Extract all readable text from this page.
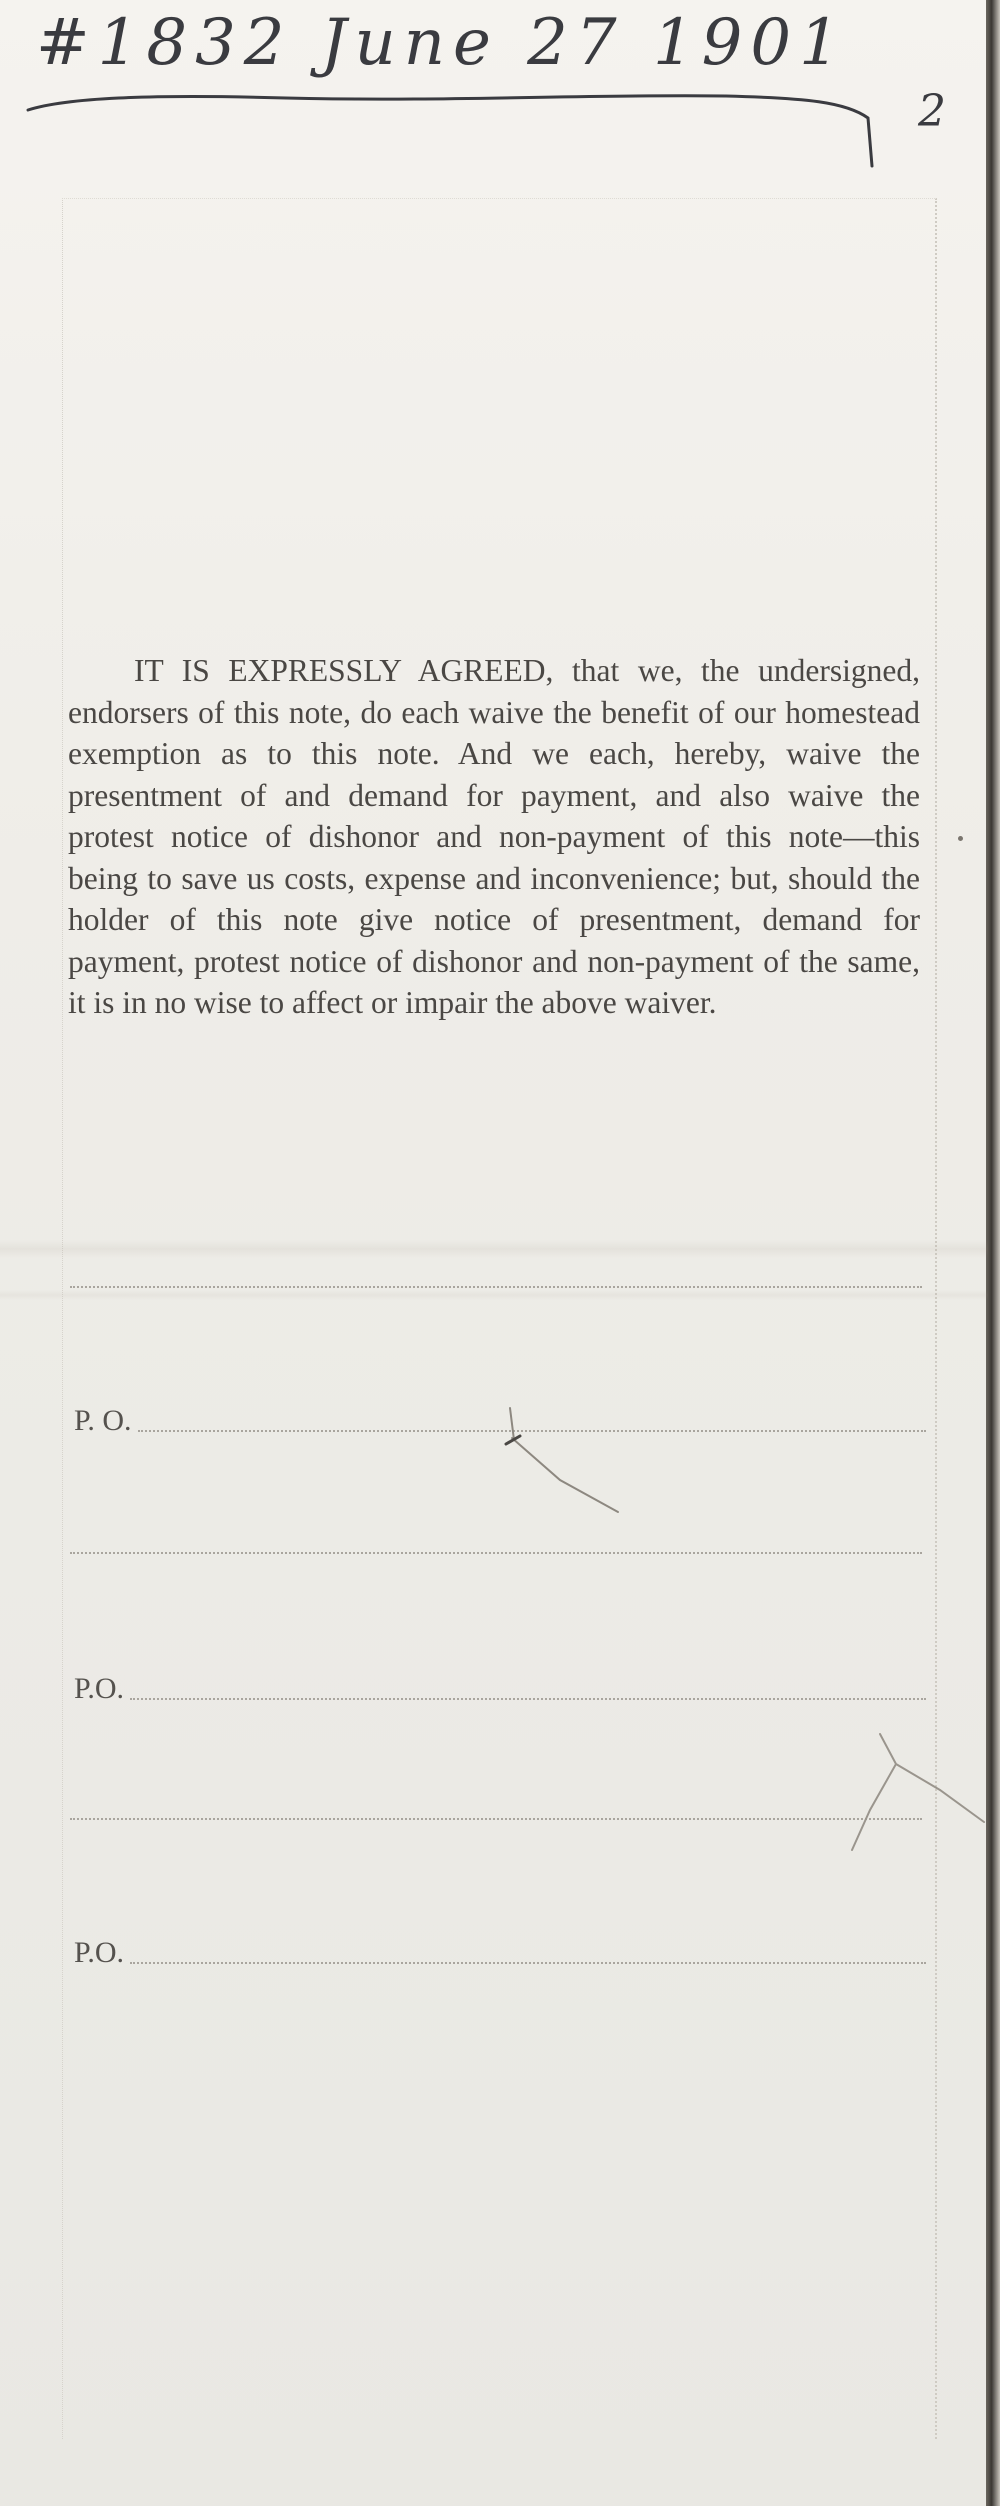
#1832 June 27 1901
2

IT IS EXPRESSLY AGREED, that we, the undersigned, endorsers of this note, do each waive the benefit of our homestead exemption as to this note. And we each, hereby, waive the presentment of and demand for payment, and also waive the protest notice of dishonor and non-payment of this note—this being to save us costs, expense and inconvenience; but, should the holder of this note give notice of presentment, demand for payment, protest notice of dishonor and non-payment of the same, it is in no wise to affect or impair the above waiver.

P. O.
P.O.
P.O.
